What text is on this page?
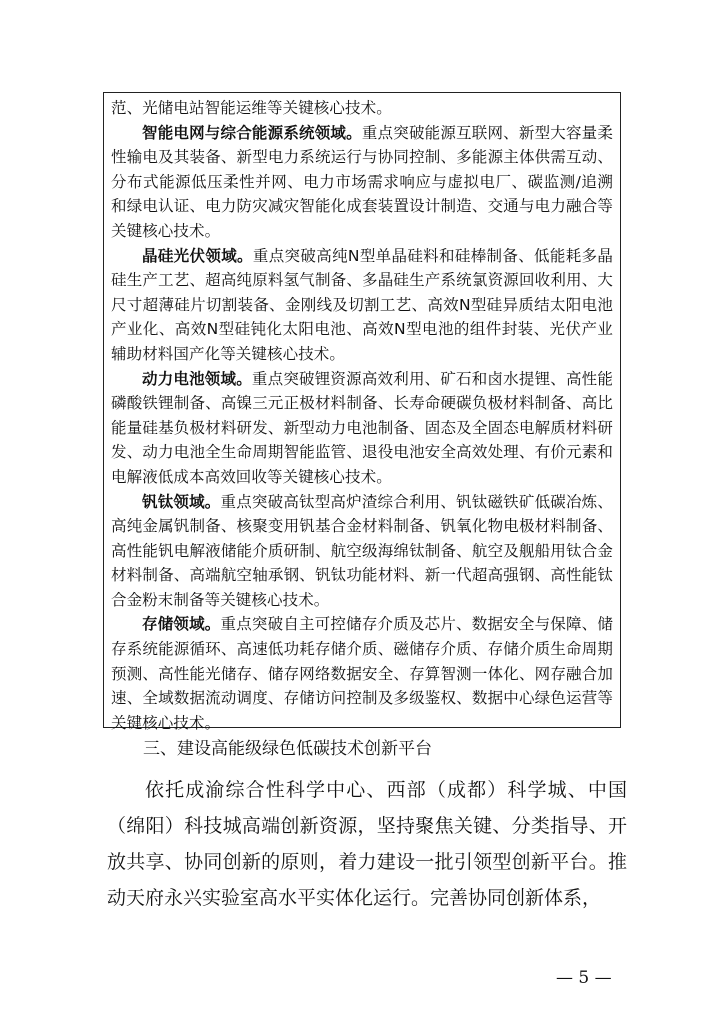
范、光储电站智能运维等关键核心技术。

智能电网与综合能源系统领域。重点突破能源互联网、新型大容量柔性输电及其装备、新型电力系统运行与协同控制、多能源主体供需互动、分布式能源低压柔性并网、电力市场需求响应与虚拟电厂、碳监测/追溯和绿电认证、电力防灾减灾智能化成套装置设计制造、交通与电力融合等关键核心技术。

晶硅光伏领域。重点突破高纯N型单晶硅料和硅棒制备、低能耗多晶硅生产工艺、超高纯原料氢气制备、多晶硅生产系统氯资源回收利用、大尺寸超薄硅片切割装备、金刚线及切割工艺、高效N型硅异质结太阳电池产业化、高效N型硅钝化太阳电池、高效N型电池的组件封装、光伏产业辅助材料国产化等关键核心技术。

动力电池领域。重点突破锂资源高效利用、矿石和卤水提锂、高性能磷酸铁锂制备、高镍三元正极材料制备、长寿命硬碳负极材料制备、高比能量硅基负极材料研发、新型动力电池制备、固态及全固态电解质材料研发、动力电池全生命周期智能监管、退役电池安全高效处理、有价元素和电解液低成本高效回收等关键核心技术。

钒钛领域。重点突破高钛型高炉渣综合利用、钒钛磁铁矿低碳冶炼、高纯金属钒制备、核聚变用钒基合金材料制备、钒氧化物电极材料制备、高性能钒电解液储能介质研制、航空级海绵钛制备、航空及舰船用钛合金材料制备、高端航空轴承钢、钒钛功能材料、新一代超高强钢、高性能钛合金粉末制备等关键核心技术。

存储领域。重点突破自主可控储存介质及芯片、数据安全与保障、储存系统能源循环、高速低功耗存储介质、磁储存介质、存储介质生命周期预测、高性能光储存、储存网络数据安全、存算智测一体化、网存融合加速、全域数据流动调度、存储访问控制及多级鉴权、数据中心绿色运营等关键核心技术。

三、建设高能级绿色低碳技术创新平台

依托成渝综合性科学中心、西部（成都）科学城、中国（绵阳）科技城高端创新资源，坚持聚焦关键、分类指导、开放共享、协同创新的原则，着力建设一批引领型创新平台。推动天府永兴实验室高水平实体化运行。完善协同创新体系，

— 5 —
